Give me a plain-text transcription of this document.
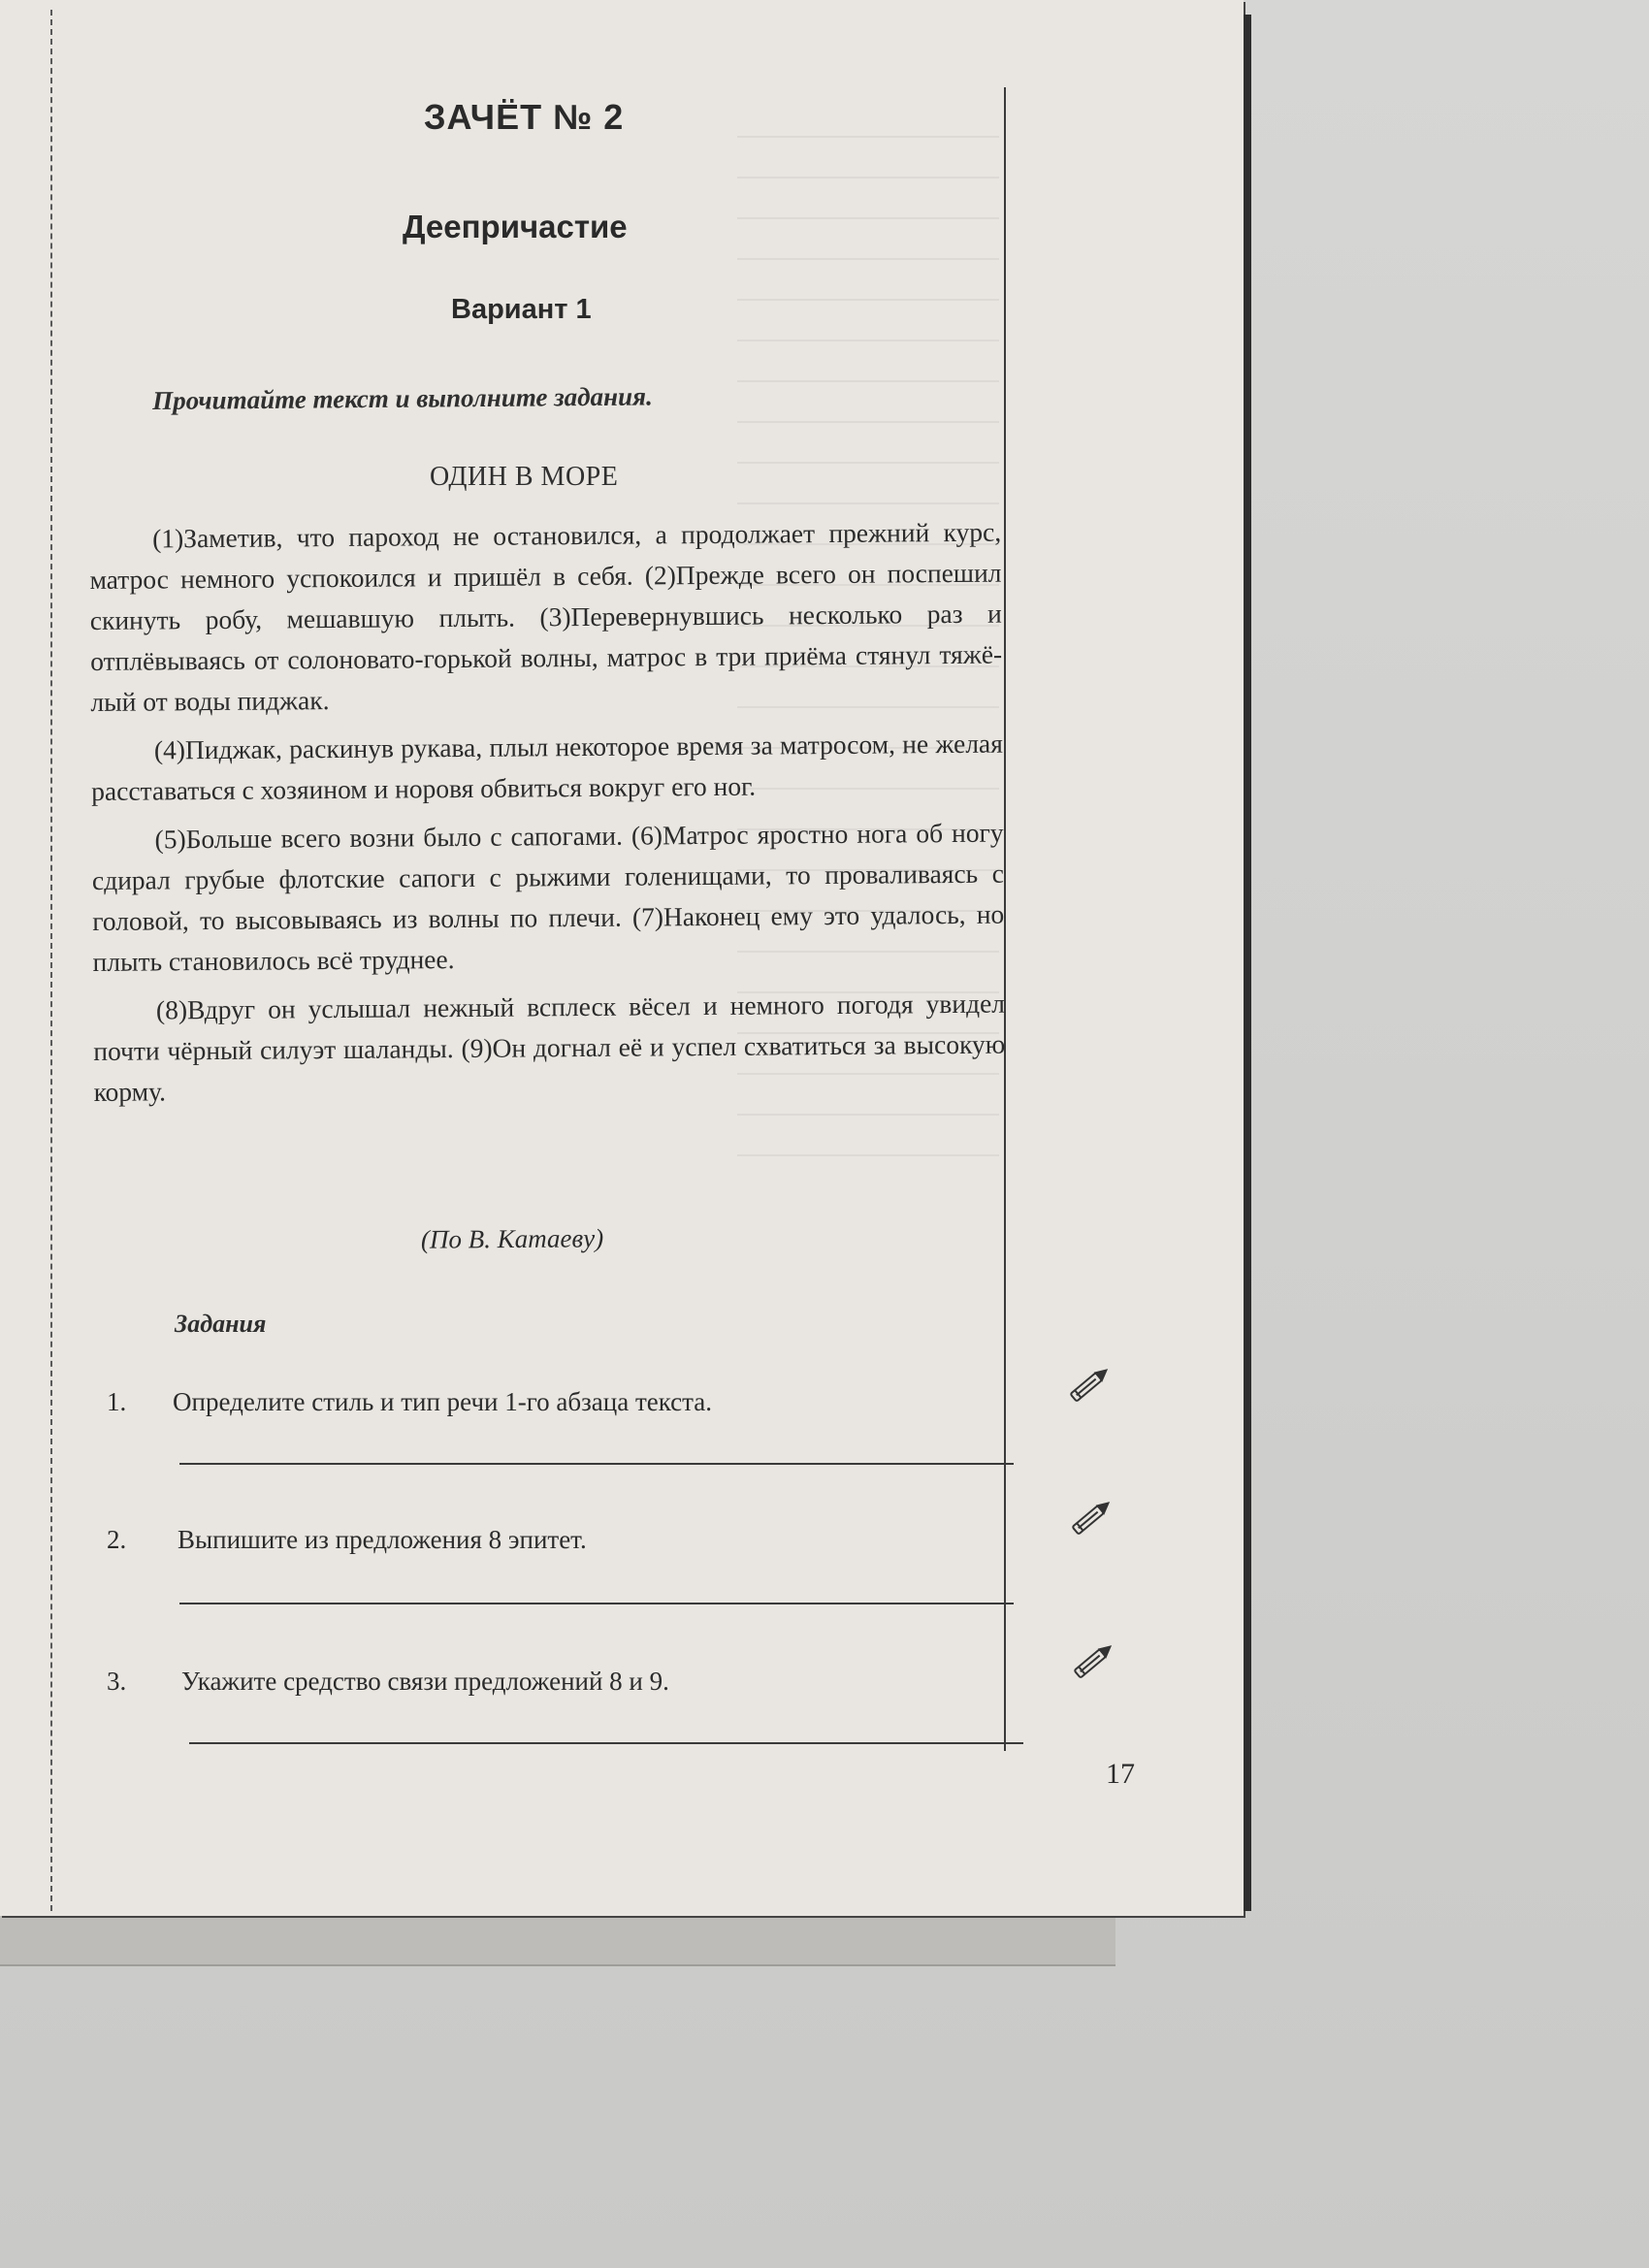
ЗАЧЁТ № 2
Деепричастие
Вариант 1

Прочитайте текст и выполните задания.

ОДИН В МОРЕ

(1)Заметив, что пароход не остановился, а продолжает прежний курс, матрос немного успокоился и пришёл в себя. (2)Прежде всего он поспешил скинуть робу, мешавшую плыть. (3)Перевернувшись несколько раз и отплёвываясь от солоновато-горькой волны, матрос в три приёма стянул тяжёлый от воды пиджак.

(4)Пиджак, раскинув рукава, плыл некоторое время за матросом, не желая расставаться с хозяином и норовя обвиться вокруг его ног.

(5)Больше всего возни было с сапогами. (6)Матрос яростно нога об ногу сдирал грубые флотские сапоги с рыжими голенищами, то проваливаясь с головой, то высовываясь из волны по плечи. (7)Наконец ему это удалось, но плыть становилось всё труднее.

(8)Вдруг он услышал нежный всплеск вёсел и немного погодя увидел почти чёрный силуэт шаланды. (9)Он догнал её и успел схватиться за высокую корму.

(По В. Катаеву)

Задания

1. Определите стиль и тип речи 1-го абзаца текста.
2. Выпишите из предложения 8 эпитет.
3. Укажите средство связи предложений 8 и 9.

17
